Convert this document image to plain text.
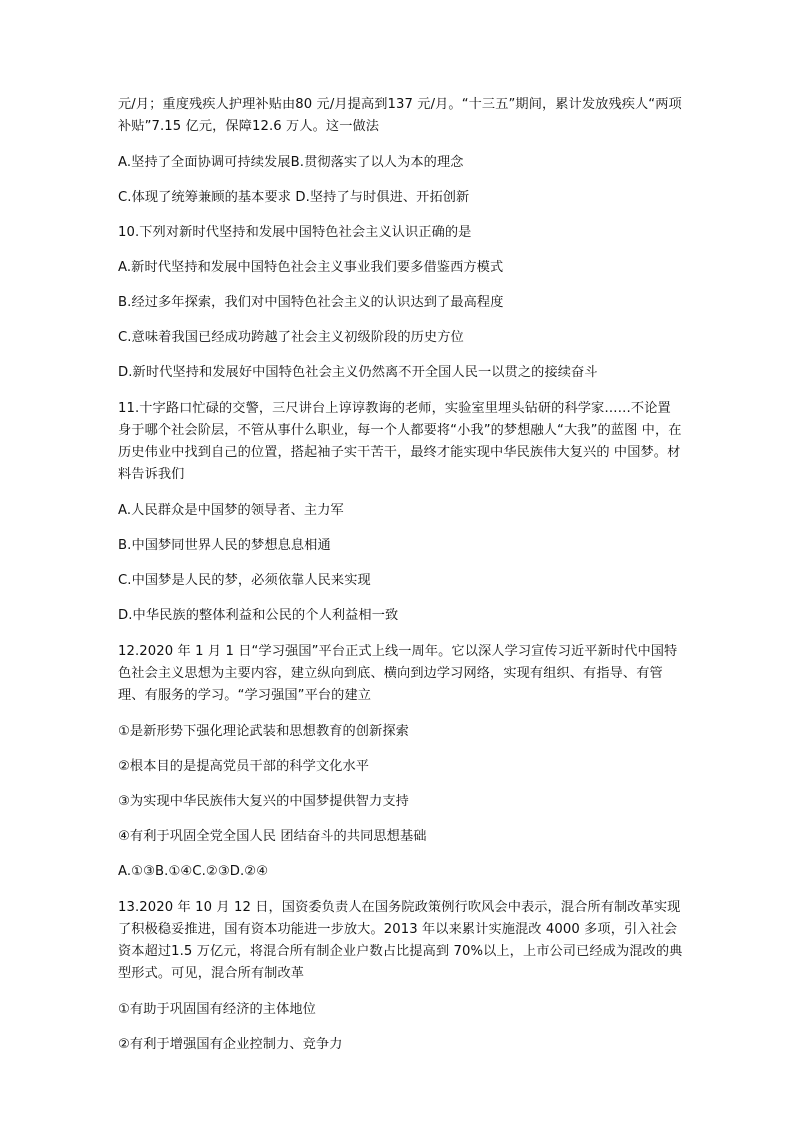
元/月；重度残疾人护理补贴由80 元/月提高到137 元/月。“十三五”期间，累计发放残疾人“两项补贴”7.15 亿元，保障12.6 万人。这一做法

A.坚持了全面协调可持续发展B.贯彻落实了以人为本的理念

C.体现了统筹兼顾的基本要求 D.坚持了与时俱进、开拓创新

10.下列对新时代坚持和发展中国特色社会主义认识正确的是

A.新时代坚持和发展中国特色社会主义事业我们要多借鉴西方模式

B.经过多年探索，我们对中国特色社会主义的认识达到了最高程度

C.意味着我国已经成功跨越了社会主义初级阶段的历史方位

D.新时代坚持和发展好中国特色社会主义仍然离不开全国人民一以贯之的接续奋斗

11.十字路口忙碌的交警，三尺讲台上谆谆教诲的老师，实验室里埋头钻研的科学家……不论置 身于哪个社会阶层，不管从事什么职业，每一个人都要将“小我”的梦想融人“大我”的蓝图 中，在历史伟业中找到自己的位置，搭起袖子实干苦干，最终才能实现中华民族伟大复兴的 中国梦。材料告诉我们

A.人民群众是中国梦的领导者、主力军

B.中国梦同世界人民的梦想息息相通

C.中国梦是人民的梦，必须依靠人民来实现

D.中华民族的整体利益和公民的个人利益相一致

12.2020 年 1 月 1 日“学习强国”平台正式上线一周年。它以深人学习宣传习近平新时代中国特色社会主义思想为主要内容，建立纵向到底、横向到边学习网络，实现有组织、有指导、有管理、有服务的学习。“学习强国”平台的建立

①是新形势下强化理论武装和思想教育的创新探索

②根本目的是提高党员干部的科学文化水平

③为实现中华民族伟大复兴的中国梦提供智力支持

④有利于巩固全党全国人民 团结奋斗的共同思想基础

A.①③B.①④C.②③D.②④

13.2020 年 10 月 12 日，国资委负责人在国务院政策例行吹风会中表示，混合所有制改革实现了积极稳妥推进，国有资本功能进一步放大。2013 年以来累计实施混改 4000 多项，引入社会资本超过1.5 万亿元，将混合所有制企业户数占比提高到 70%以上，上市公司已经成为混改的典型形式。可见，混合所有制改革

①有助于巩固国有经济的主体地位

②有利于增强国有企业控制力、竞争力
